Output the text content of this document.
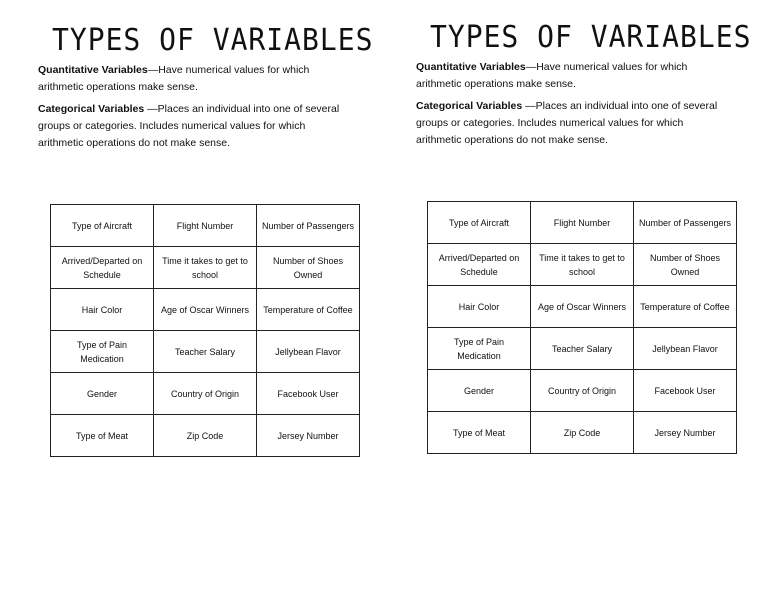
TYPES OF VARIABLES

Quantitative Variables—Have numerical values for which arithmetic operations make sense.

Categorical Variables —Places an individual into one of several groups or categories. Includes numerical values for which arithmetic operations do not make sense.

Type of Aircraft	Flight Number	Number of Passengers
Arrived/Departed on Schedule	Time it takes to get to school	Number of Shoes Owned
Hair Color	Age of Oscar Winners	Temperature of Coffee
Type of Pain Medication	Teacher Salary	Jellybean Flavor
Gender	Country of Origin	Facebook User
Type of Meat	Zip Code	Jersey Number
TYPES OF VARIABLES

Quantitative Variables—Have numerical values for which arithmetic operations make sense.

Categorical Variables —Places an individual into one of several groups or categories. Includes numerical values for which arithmetic operations do not make sense.

Type of Aircraft	Flight Number	Number of Passengers
Arrived/Departed on Schedule	Time it takes to get to school	Number of Shoes Owned
Hair Color	Age of Oscar Winners	Temperature of Coffee
Type of Pain Medication	Teacher Salary	Jellybean Flavor
Gender	Country of Origin	Facebook User
Type of Meat	Zip Code	Jersey Number
